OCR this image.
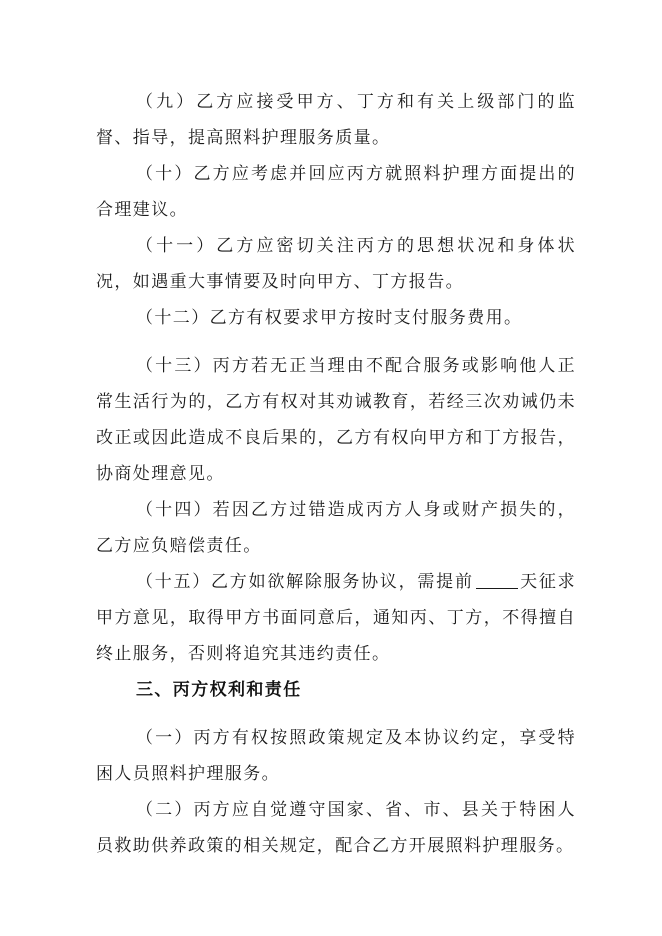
（九）乙方应接受甲方、丁方和有关上级部门的监督、指导，提高照料护理服务质量。

（十）乙方应考虑并回应丙方就照料护理方面提出的合理建议。

（十一）乙方应密切关注丙方的思想状况和身体状况，如遇重大事情要及时向甲方、丁方报告。

（十二）乙方有权要求甲方按时支付服务费用。

（十三）丙方若无正当理由不配合服务或影响他人正常生活行为的，乙方有权对其劝诫教育，若经三次劝诫仍未改正或因此造成不良后果的，乙方有权向甲方和丁方报告，协商处理意见。

（十四）若因乙方过错造成丙方人身或财产损失的，乙方应负赔偿责任。

（十五）乙方如欲解除服务协议，需提前	天征求甲方意见，取得甲方书面同意后，通知丙、丁方，不得擅自终止服务，否则将追究其违约责任。

三、丙方权利和责任

（一）丙方有权按照政策规定及本协议约定，享受特困人员照料护理服务。

（二）丙方应自觉遵守国家、省、市、县关于特困人员救助供养政策的相关规定，配合乙方开展照料护理服务。
